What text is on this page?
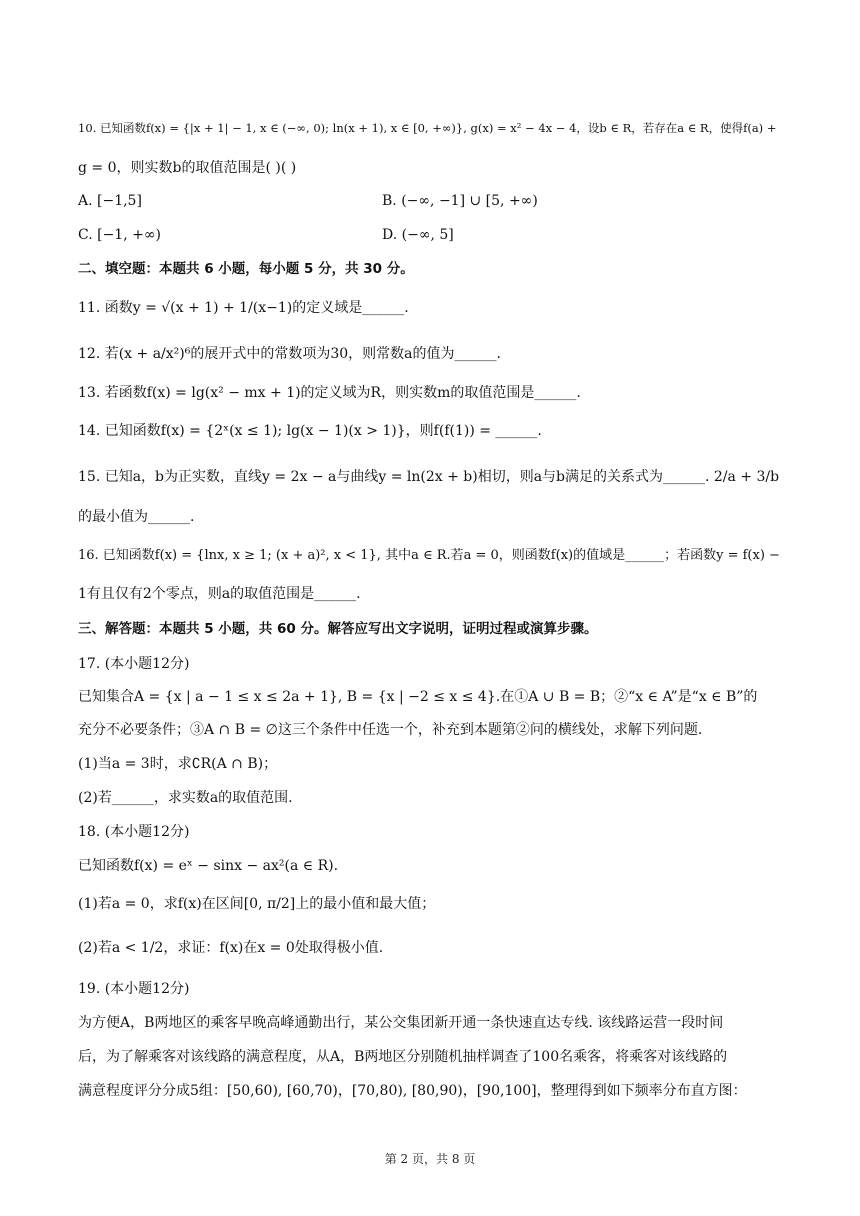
10. 已知函数f(x) = {|x + 1| − 1, x ∈ (−∞, 0); ln(x + 1), x ∈ [0, +∞)}, g(x) = x² − 4x − 4，设b ∈ R，若存在a ∈ R，使得f(a) +
g = 0，则实数b的取值范围是( )( )
A. [−1,5]	B. (−∞, −1] ∪ [5, +∞)
C. [−1, +∞)	D. (−∞, 5]
二、填空题：本题共 6 小题，每小题 5 分，共 30 分。
11. 函数y = √(x + 1) + 1/(x−1)的定义域是______.
12. 若(x + a/x²)⁶的展开式中的常数项为30，则常数a的值为______.
13. 若函数f(x) = lg(x² − mx + 1)的定义域为R，则实数m的取值范围是______.
14. 已知函数f(x) = {2ˣ(x ≤ 1); lg(x − 1)(x > 1)}，则f(f(1)) = ______.
15. 已知a，b为正实数，直线y = 2x − a与曲线y = ln(2x + b)相切，则a与b满足的关系式为______. 2/a + 3/b
的最小值为______.
16. 已知函数f(x) = {lnx, x ≥ 1; (x + a)², x < 1}, 其中a ∈ R.若a = 0，则函数f(x)的值域是______；若函数y = f(x) −
1有且仅有2个零点，则a的取值范围是______.
三、解答题：本题共 5 小题，共 60 分。解答应写出文字说明，证明过程或演算步骤。
17. (本小题12分)
已知集合A = {x | a − 1 ≤ x ≤ 2a + 1}, B = {x | −2 ≤ x ≤ 4}.在①A ∪ B = B；②“x ∈ A”是“x ∈ B”的
充分不必要条件；③A ∩ B = ∅这三个条件中任选一个，补充到本题第②问的横线处，求解下列问题.
(1)当a = 3时，求∁R(A ∩ B)；
(2)若______，求实数a的取值范围.
18. (本小题12分)
已知函数f(x) = eˣ − sinx − ax²(a ∈ R).
(1)若a = 0，求f(x)在区间[0, π/2]上的最小值和最大值；
(2)若a < 1/2，求证：f(x)在x = 0处取得极小值.
19. (本小题12分)
为方便A，B两地区的乘客早晚高峰通勤出行，某公交集团新开通一条快速直达专线. 该线路运营一段时间
后，为了解乘客对该线路的满意程度，从A，B两地区分别随机抽样调查了100名乘客，将乘客对该线路的
满意程度评分分成5组：[50,60), [60,70)，[70,80), [80,90)，[90,100]，整理得到如下频率分布直方图：
第 2 页，共 8 页
